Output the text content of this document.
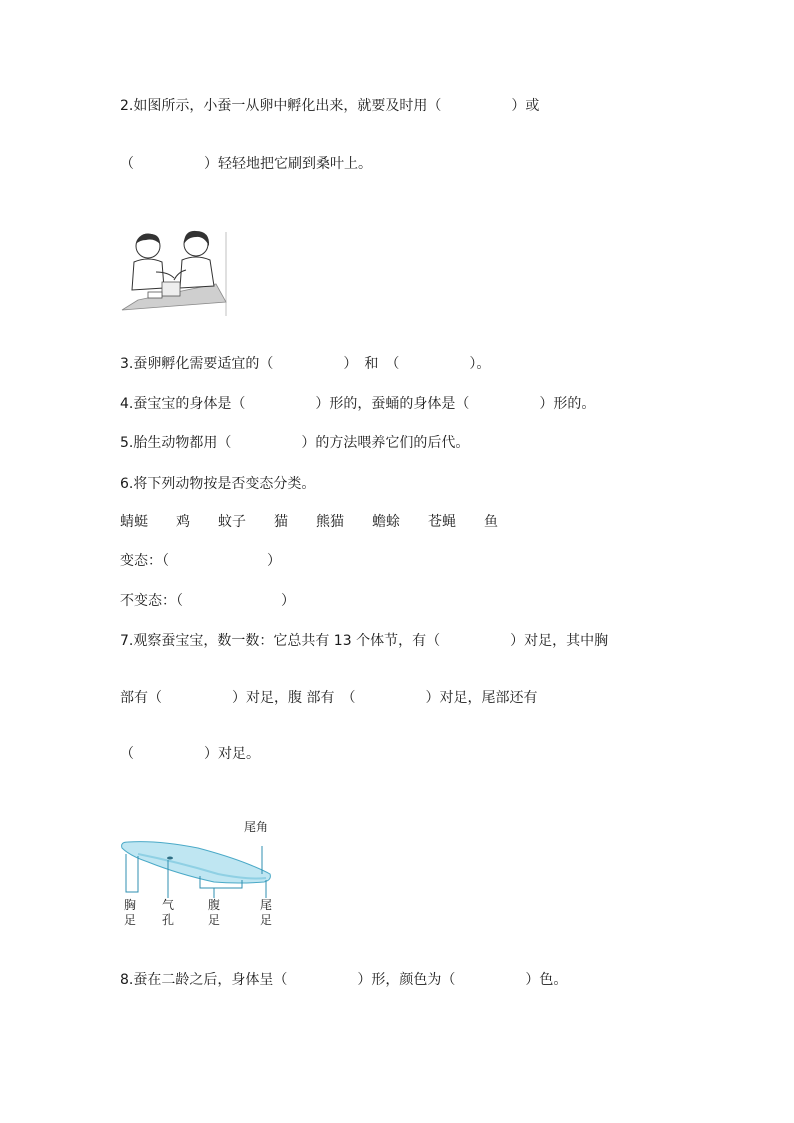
2.如图所示，小蚕一从卵中孵化出来，就要及时用（　　　　　）或
（　　　　　）轻轻地把它刷到桑叶上。
3.蚕卵孵化需要适宜的（　　　　　）　和　（　　　　　）。
4.蚕宝宝的身体是（　　　　　）形的，蚕蛹的身体是（　　　　　）形的。
5.胎生动物都用（　　　　　）的方法喂养它们的后代。
6.将下列动物按是否变态分类。
蜻蜓　　鸡　　蚊子　　猫　　熊猫　　蟾蜍　　苍蝇　　鱼
变态：（　　　　　　　）
不变态：（　　　　　　　）
7.观察蚕宝宝，数一数：它总共有 13 个体节，有（　　　　　）对足，其中胸
部有（　　　　　）对足，腹 部有　（　　　　　）对足，尾部还有
（　　　　　）对足。
尾角
胸足
气孔
腹足
尾足
8.蚕在二龄之后，身体呈（　　　　　）形，颜色为（　　　　　）色。
